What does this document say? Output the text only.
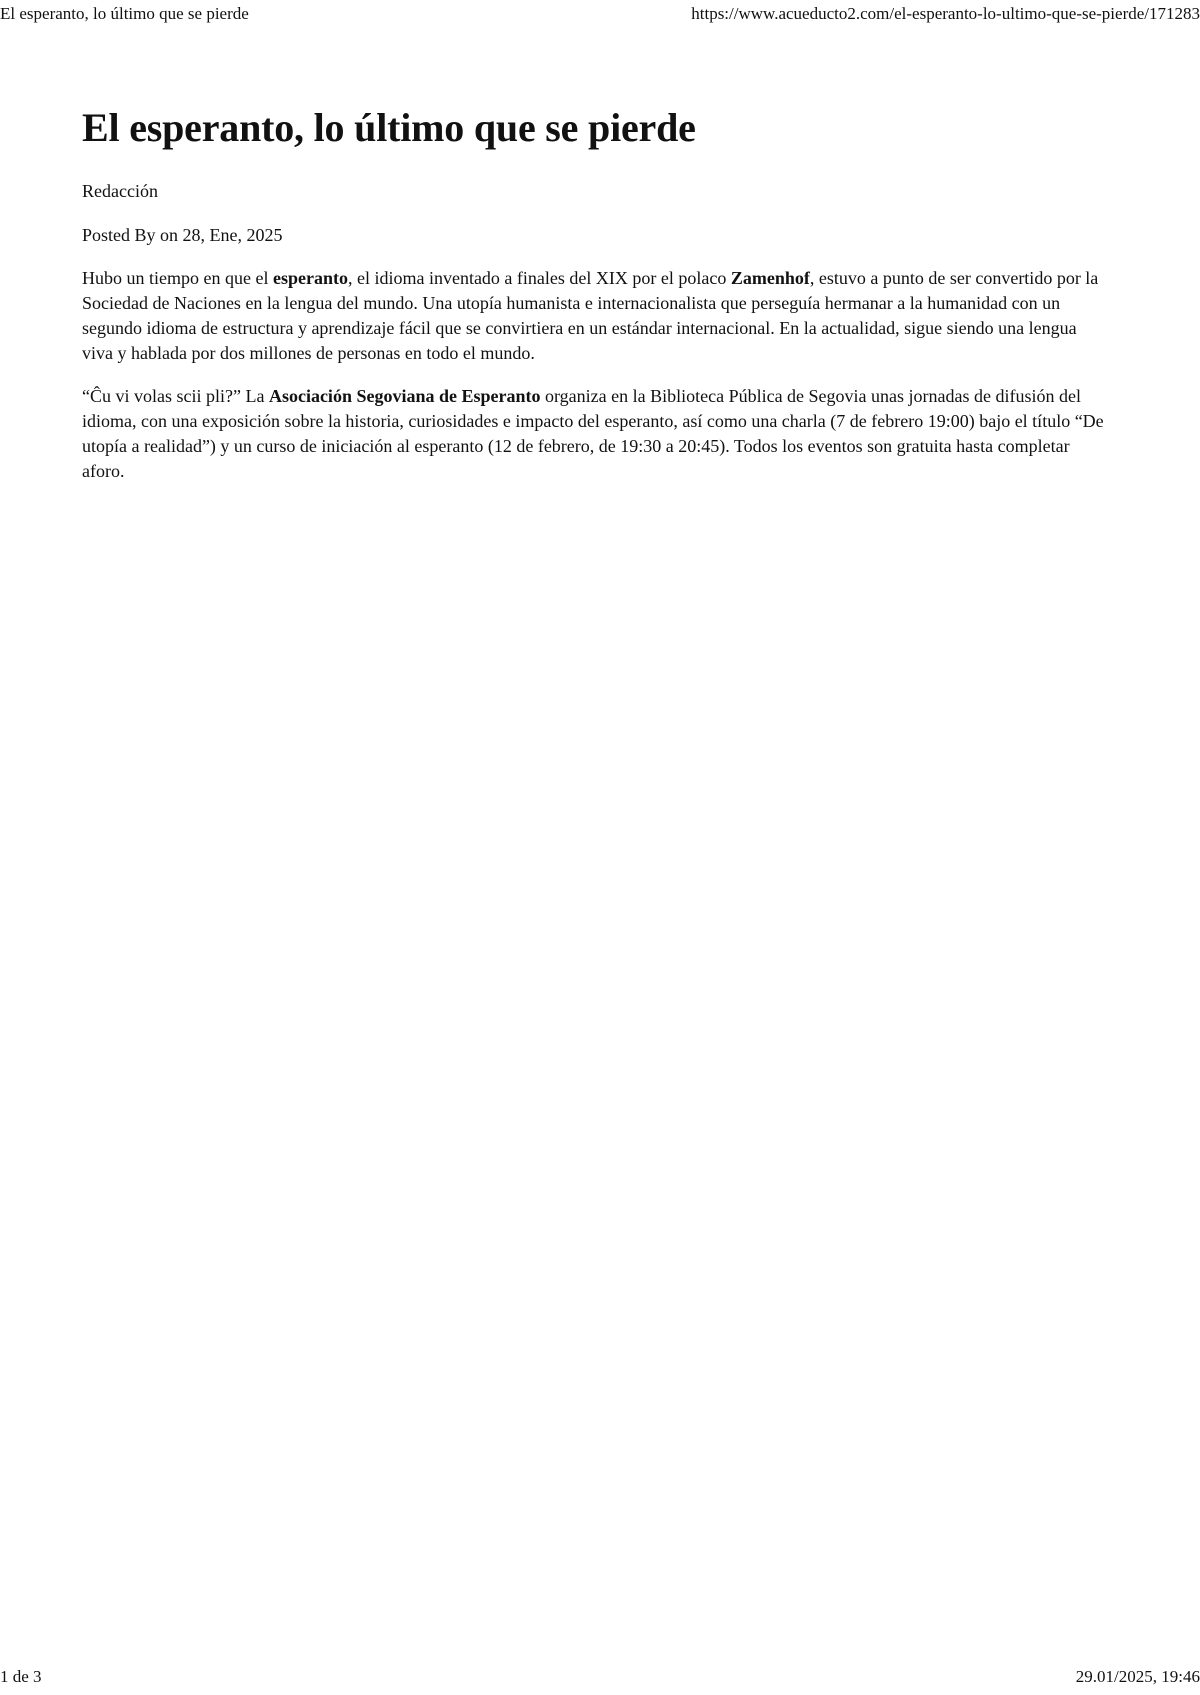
El esperanto, lo último que se pierde	https://www.acueducto2.com/el-esperanto-lo-ultimo-que-se-pierde/171283
El esperanto, lo último que se pierde
Redacción
Posted By on 28, Ene, 2025

Hubo un tiempo en que el esperanto, el idioma inventado a finales del XIX por el polaco Zamenhof, estuvo a punto de ser convertido por la Sociedad de Naciones en la lengua del mundo. Una utopía humanista e internacionalista que perseguía hermanar a la humanidad con un segundo idioma de estructura y aprendizaje fácil que se convirtiera en un estándar internacional. En la actualidad, sigue siendo una lengua viva y hablada por dos millones de personas en todo el mundo.

“Ĉu vi volas scii pli?” La Asociación Segoviana de Esperanto organiza en la Biblioteca Pública de Segovia unas jornadas de difusión del idioma, con una exposición sobre la historia, curiosidades e impacto del esperanto, así como una charla (7 de febrero 19:00) bajo el título “De utopía a realidad”) y un curso de iniciación al esperanto (12 de febrero, de 19:30 a 20:45). Todos los eventos son gratuita hasta completar aforo.

1 de 3	29.01/2025, 19:46
